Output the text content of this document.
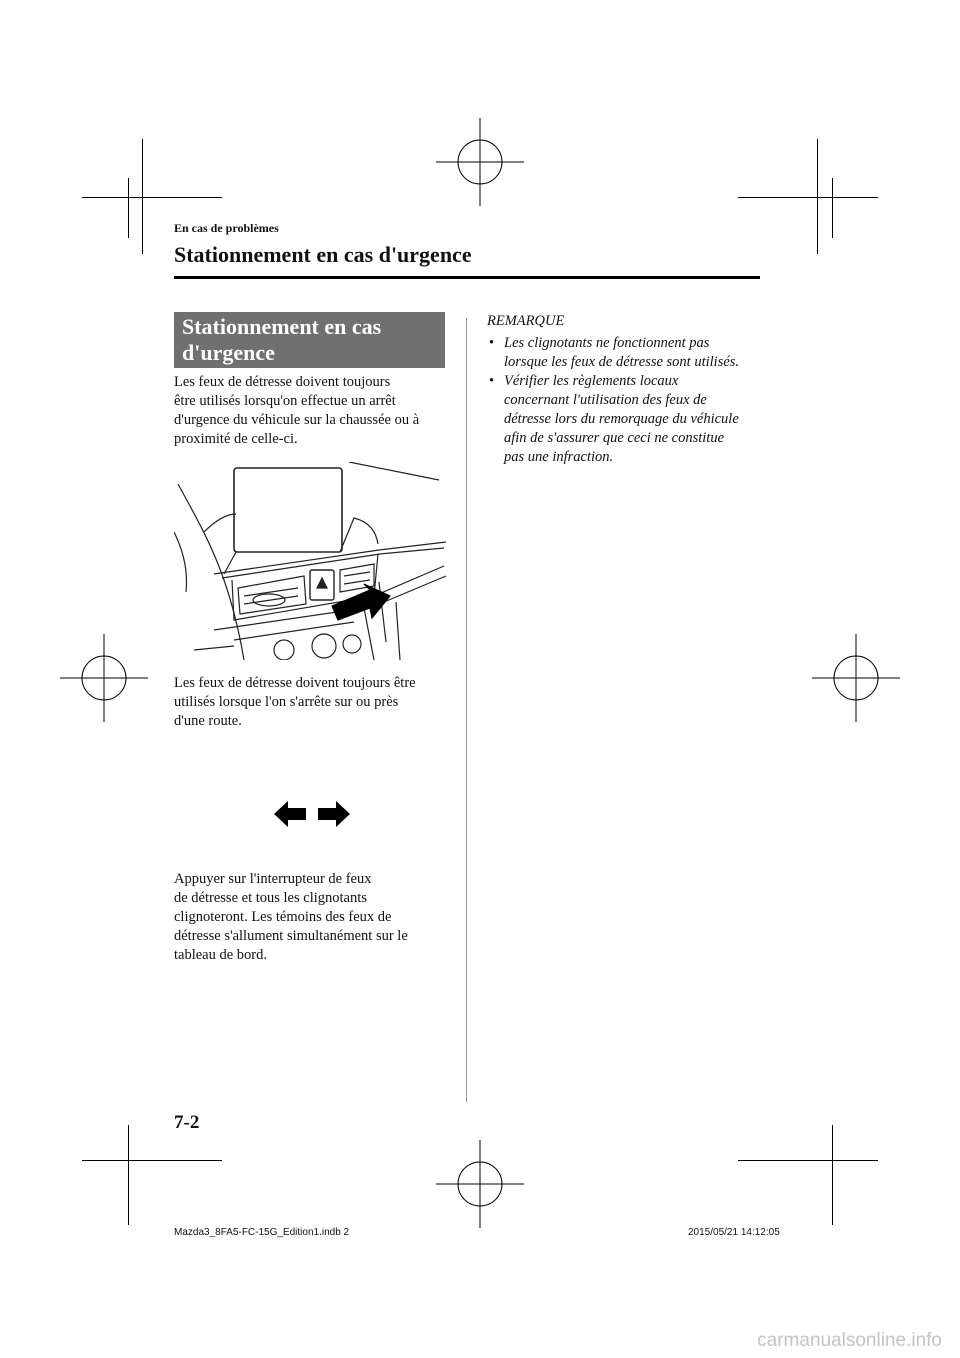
En cas de problèmes
Stationnement en cas d'urgence
Stationnement en cas
d'urgence
Les feux de détresse doivent toujours
être utilisés lorsqu'on effectue un arrêt
d'urgence du véhicule sur la chaussée ou à
proximité de celle-ci.
Les feux de détresse doivent toujours être
utilisés lorsque l'on s'arrête sur ou près
d'une route.
Appuyer sur l'interrupteur de feux
de détresse et tous les clignotants
clignoteront. Les témoins des feux de
détresse s'allument simultanément sur le
tableau de bord.
REMARQUE
• Les clignotants ne fonctionnent pas
lorsque les feux de détresse sont utilisés.
• Vérifier les règlements locaux
concernant l'utilisation des feux de
détresse lors du remorquage du véhicule
afin de s'assurer que ceci ne constitue
pas une infraction.
7-2
Mazda3_8FA5-FC-15G_Edition1.indb 2	2015/05/21 14:12:05
carmanualsonline.info
